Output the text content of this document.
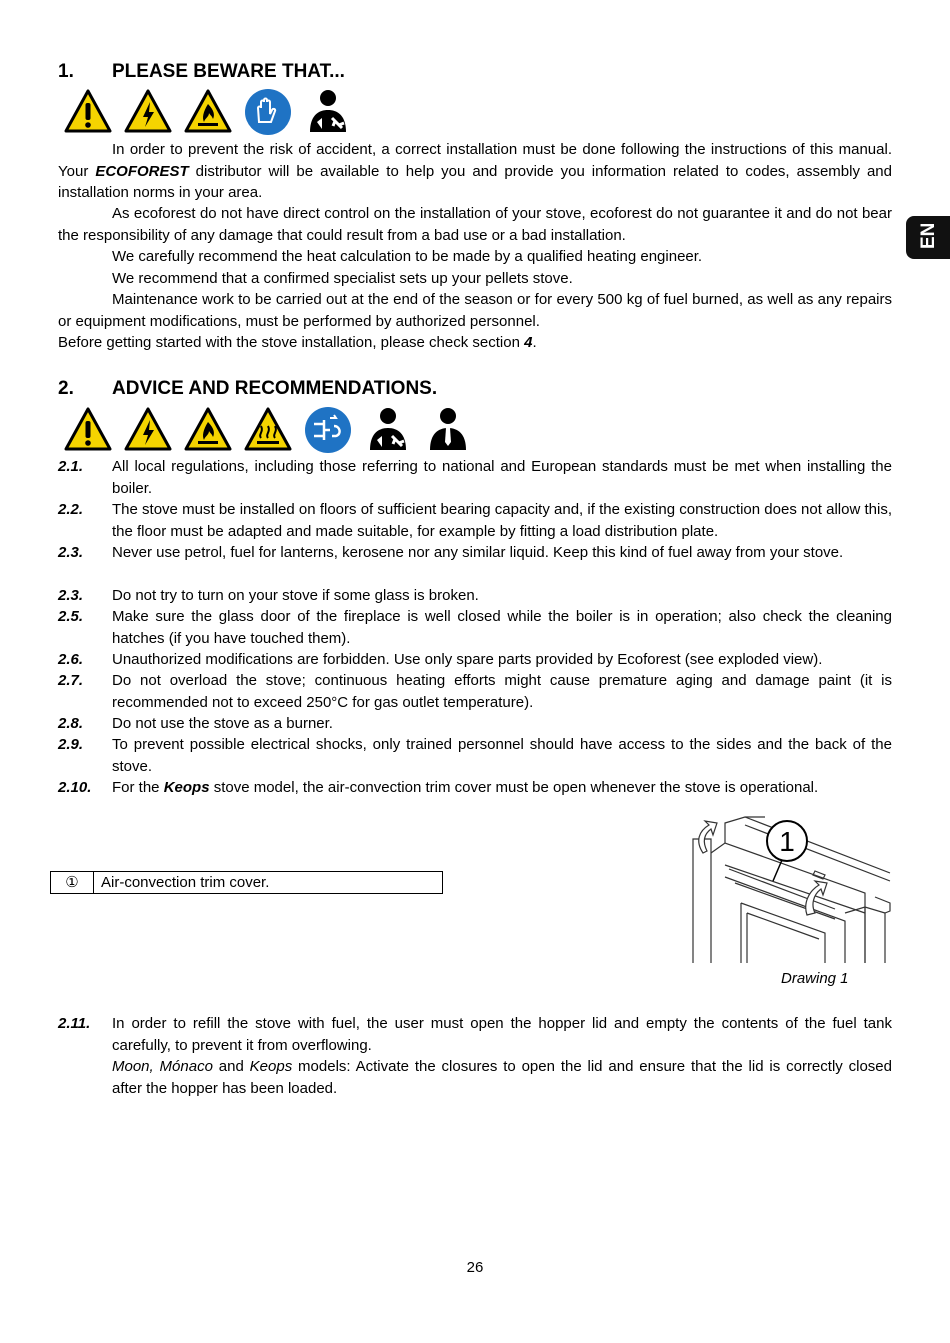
EN
1. PLEASE BEWARE THAT...

In order to prevent the risk of accident, a correct installation must be done following the instructions of this manual. Your ECOFOREST distributor will be available to help you and provide you information related to codes, assembly and installation norms in your area.

As ecoforest do not have direct control on the installation of your stove, ecoforest do not guarantee it and do not bear the responsibility of any damage that could result from a bad use or a bad installation.

We carefully recommend the heat calculation to be made by a qualified heating engineer.

We recommend that a confirmed specialist sets up your pellets stove.

Maintenance work to be carried out at the end of the season or for every 500 kg of fuel burned, as well as any repairs or equipment modifications, must be performed by authorized personnel.

Before getting started with the stove installation, please check section 4.

2. ADVICE AND RECOMMENDATIONS.
2.1. All local regulations, including those referring to national and European standards must be met when installing the boiler.
2.2. The stove must be installed on floors of sufficient bearing capacity and, if the existing construction does not allow this, the floor must be adapted and made suitable, for example by fitting a load distribution plate.
2.3. Never use petrol, fuel for lanterns, kerosene nor any similar liquid. Keep this kind of fuel away from your stove.
2.3. Do not try to turn on your stove if some glass is broken.
2.5. Make sure the glass door of the fireplace is well closed while the boiler is in operation; also check the cleaning hatches (if you have touched them).
2.6. Unauthorized modifications are forbidden. Use only spare parts provided by Ecoforest (see exploded view).
2.7. Do not overload the stove; continuous heating efforts might cause premature aging and damage paint (it is recommended not to exceed 250°C for gas outlet temperature).
2.8. Do not use the stove as a burner.
2.9. To prevent possible electrical shocks, only trained personnel should have access to the sides and the back of the stove.
2.10. For the Keops stove model, the air-convection trim cover must be open whenever the stove is operational.
①	Air-convection trim cover.
1
Drawing 1
2.11. In order to refill the stove with fuel, the user must open the hopper lid and empty the contents of the fuel tank carefully, to prevent it from overflowing.
Moon, Mónaco and Keops models: Activate the closures to open the lid and ensure that the lid is correctly closed after the hopper has been loaded.
26
